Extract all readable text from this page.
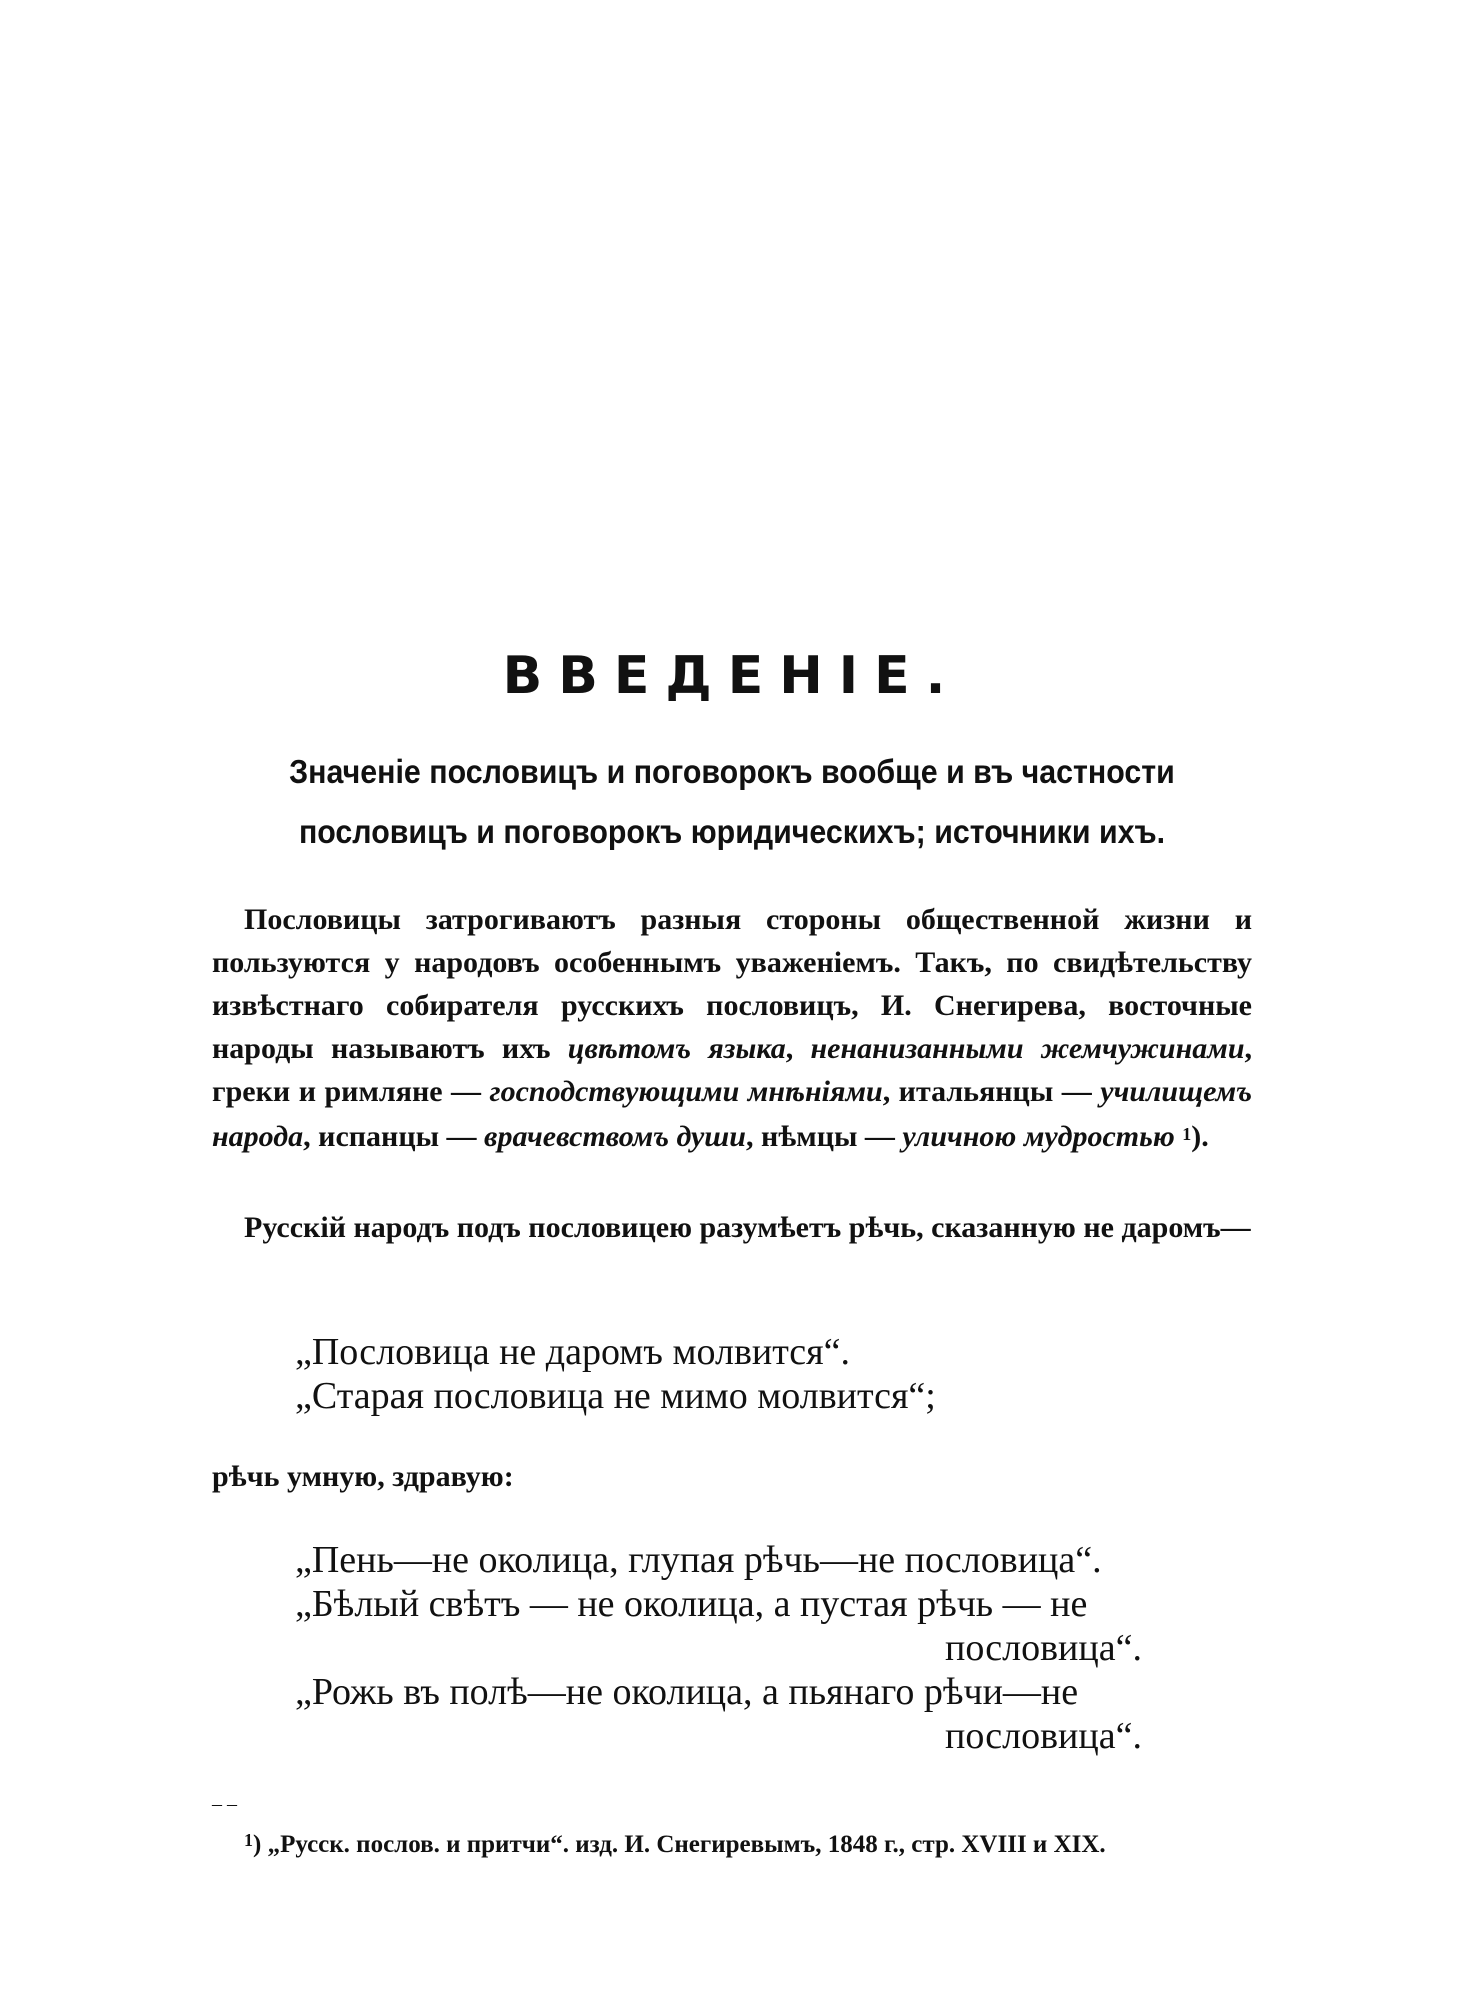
ВВЕДЕНІЕ.
Значеніе пословицъ и поговорокъ вообще и въ частности
пословицъ и поговорокъ юридическихъ; источники ихъ.
Пословицы затрогиваютъ разныя стороны общественной жизни и пользуются у народовъ особеннымъ уваженіемъ. Такъ, по свидѣтельству извѣстнаго собирателя русскихъ пословицъ, И. Снегирева, восточные народы называютъ ихъ цвѣтомъ языка, ненанизанными жемчужинами, греки и римляне — господствующими мнѣніями, итальянцы — училищемъ народа, испанцы — врачевствомъ души, нѣмцы — уличною мудростью $^1$).
Русскій народъ подъ пословицею разумѣетъ рѣчь, сказанную не даромъ—
„Пословица не даромъ молвится“.
„Старая пословица не мимо молвится“;
рѣчь умную, здравую:
„Пень—не околица, глупая рѣчь—не пословица“.
„Бѣлый свѣтъ — не околица, а пустая рѣчь — не
пословица“.
„Рожь въ полѣ—не околица, а пьянаго рѣчи—не
пословица“.
– –
$^1$) „Русск. послов. и притчи“. изд. И. Снегиревымъ, 1848 г., стр. XVIII и XIX.
